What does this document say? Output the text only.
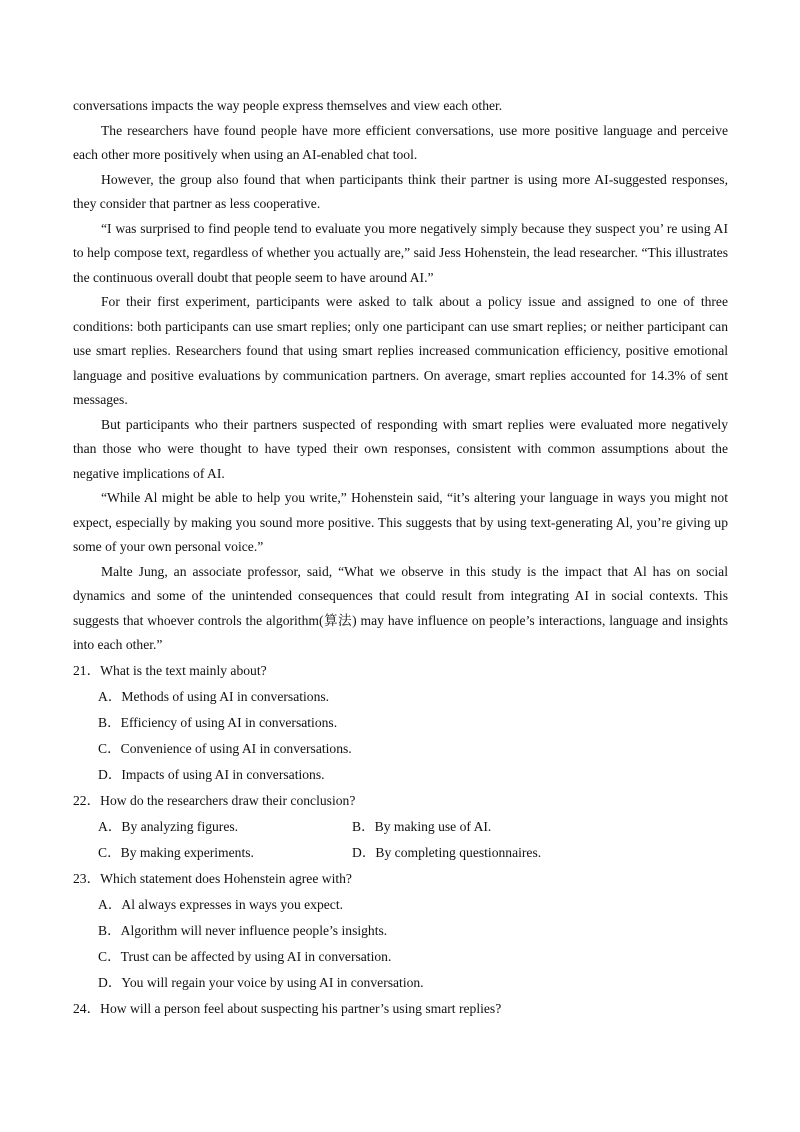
conversations impacts the way people express themselves and view each other.

The researchers have found people have more efficient conversations, use more positive language and perceive each other more positively when using an AI-enabled chat tool.

However, the group also found that when participants think their partner is using more AI-suggested responses, they consider that partner as less cooperative.

“I was surprised to find people tend to evaluate you more negatively simply because they suspect you’ re using AI to help compose text, regardless of whether you actually are,” said Jess Hohenstein, the lead researcher. “This illustrates the continuous overall doubt that people seem to have around AI.”

For their first experiment, participants were asked to talk about a policy issue and assigned to one of three conditions: both participants can use smart replies; only one participant can use smart replies; or neither participant can use smart replies. Researchers found that using smart replies increased communication efficiency, positive emotional language and positive evaluations by communication partners. On average, smart replies accounted for 14.3% of sent messages.

But participants who their partners suspected of responding with smart replies were evaluated more negatively than those who were thought to have typed their own responses, consistent with common assumptions about the negative implications of AI.

“While Al might be able to help you write,” Hohenstein said, “it’s altering your language in ways you might not expect, especially by making you sound more positive. This suggests that by using text-generating Al, you’re giving up some of your own personal voice.”

Malte Jung, an associate professor, said, “What we observe in this study is the impact that Al has on social dynamics and some of the unintended consequences that could result from integrating AI in social contexts. This suggests that whoever controls the algorithm(算法) may have influence on people’s interactions, language and insights into each other.”

21．What is the text mainly about?

A．Methods of using AI in conversations.
B．Efficiency of using AI in conversations.
C．Convenience of using AI in conversations.
D．Impacts of using AI in conversations.

22．How do the researchers draw their conclusion?

A．By analyzing figures.	B．By making use of AI.
C．By making experiments.	D．By completing questionnaires.

23．Which statement does Hohenstein agree with?

A．Al always expresses in ways you expect.
B．Algorithm will never influence people’s insights.
C．Trust can be affected by using AI in conversation.
D．You will regain your voice by using AI in conversation.

24．How will a person feel about suspecting his partner’s using smart replies?
